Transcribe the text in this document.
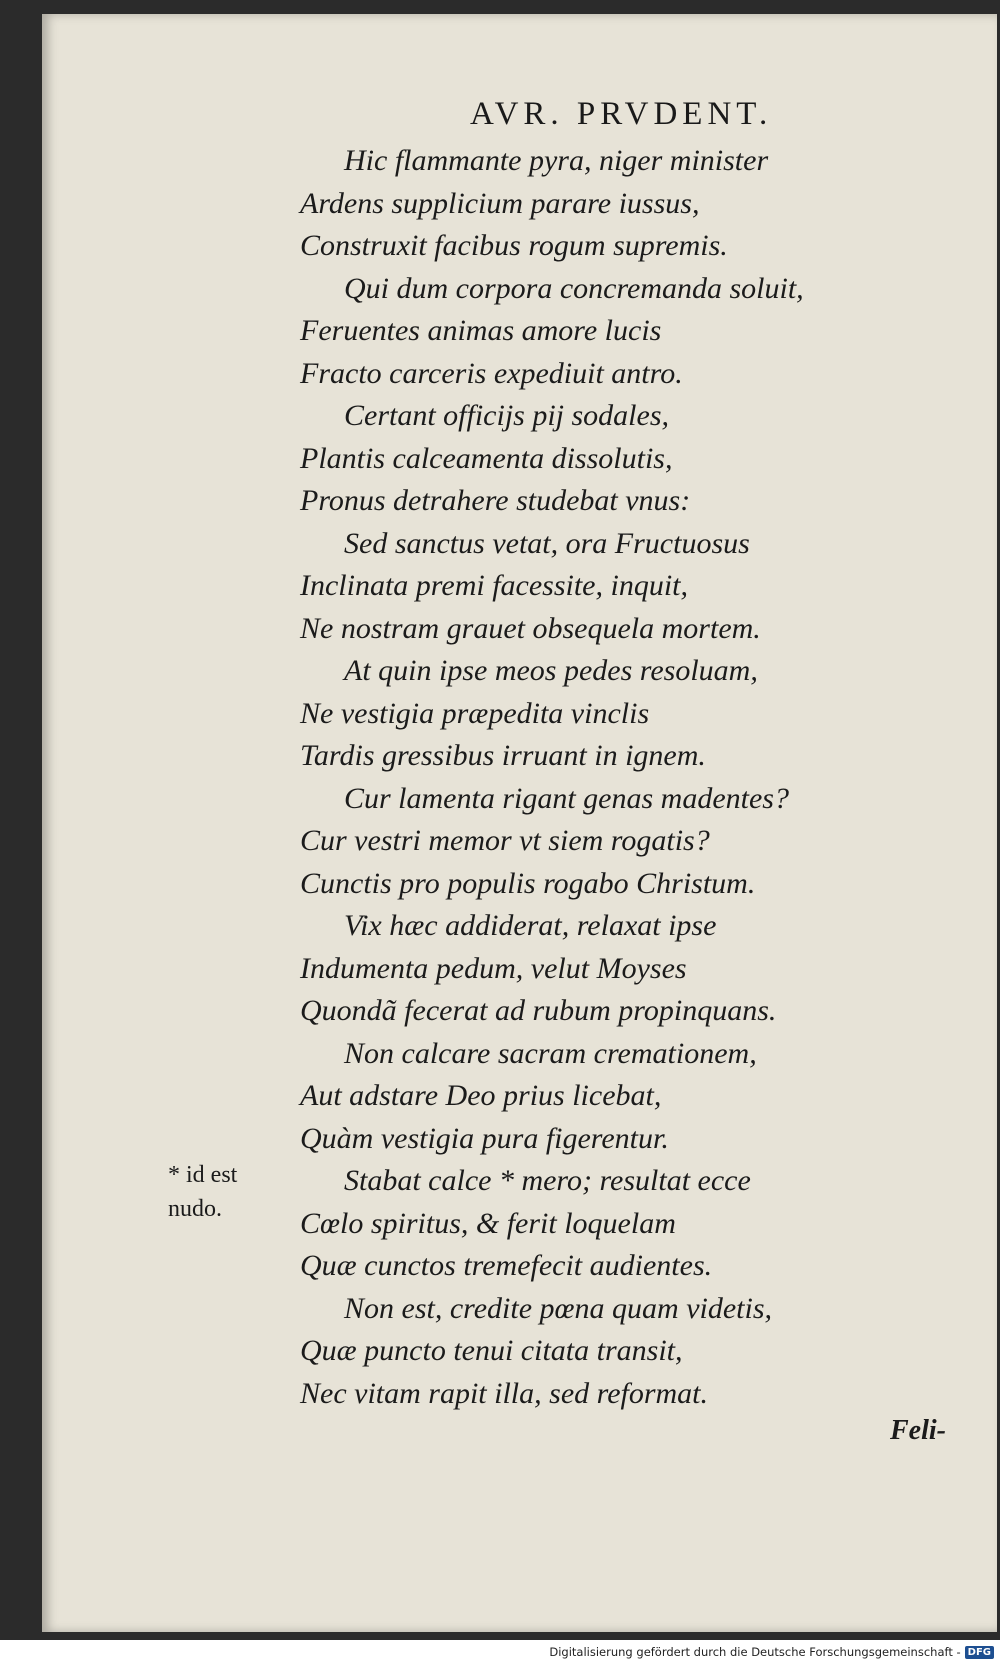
AVR. PRVDENT.
Hic flammante pyra, niger minister
Ardens supplicium parare iussus,
Construxit facibus rogum supremis.
Qui dum corpora concremanda soluit,
Feruentes animas amore lucis
Fracto carceris expediuit antro.
Certant officijs pij sodales,
Plantis calceamenta dissolutis,
Pronus detrahere studebat vnus:
Sed sanctus vetat, ora Fructuosus
Inclinata premi facessite, inquit,
Ne nostram grauet obsequela mortem.
At quin ipse meos pedes resoluam,
Ne vestigia præpedita vinclis
Tardis gressibus irruant in ignem.
Cur lamenta rigant genas madentes?
Cur vestri memor vt siem rogatis?
Cunctis pro populis rogabo Christum.
Vix hæc addiderat, relaxat ipse
Indumenta pedum, velut Moyses
Quondã fecerat ad rubum propinquans.
Non calcare sacram cremationem,
Aut adstare Deo prius licebat,
Quàm vestigia pura figerentur.
Stabat calce * mero; resultat ecce
Cœlo spiritus, & ferit loquelam
Quæ cunctos tremefecit audientes.
Non est, credite pœna quam videtis,
Quæ puncto tenui citata transit,
Nec vitam rapit illa, sed reformat.
* id est
nudo.
Feli-
Digitalisierung gefördert durch die Deutsche Forschungsgemeinschaft - DFG
